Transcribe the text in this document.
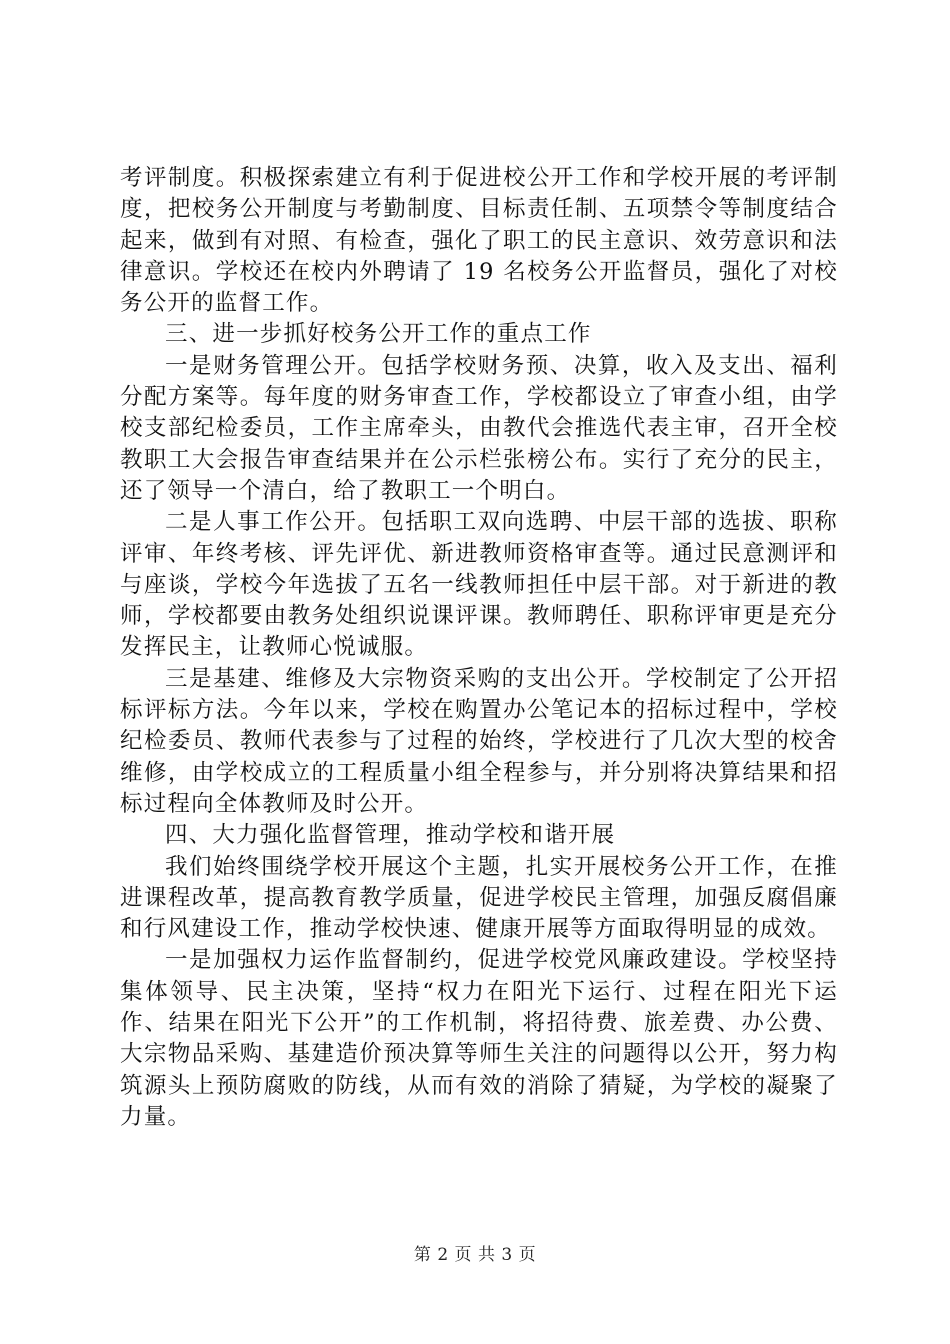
考评制度。积极探索建立有利于促进校公开工作和学校开展的考评制度，把校务公开制度与考勤制度、目标责任制、五项禁令等制度结合起来，做到有对照、有检查，强化了职工的民主意识、效劳意识和法律意识。学校还在校内外聘请了 19 名校务公开监督员，强化了对校务公开的监督工作。

三、进一步抓好校务公开工作的重点工作

一是财务管理公开。包括学校财务预、决算，收入及支出、福利分配方案等。每年度的财务审查工作，学校都设立了审查小组，由学校支部纪检委员，工作主席牵头，由教代会推选代表主审，召开全校教职工大会报告审查结果并在公示栏张榜公布。实行了充分的民主，还了领导一个清白，给了教职工一个明白。

二是人事工作公开。包括职工双向选聘、中层干部的选拔、职称评审、年终考核、评先评优、新进教师资格审查等。通过民意测评和与座谈，学校今年选拔了五名一线教师担任中层干部。对于新进的教师，学校都要由教务处组织说课评课。教师聘任、职称评审更是充分发挥民主，让教师心悦诚服。

三是基建、维修及大宗物资采购的支出公开。学校制定了公开招标评标方法。今年以来，学校在购置办公笔记本的招标过程中，学校纪检委员、教师代表参与了过程的始终，学校进行了几次大型的校舍维修，由学校成立的工程质量小组全程参与，并分别将决算结果和招标过程向全体教师及时公开。

四、大力强化监督管理，推动学校和谐开展

我们始终围绕学校开展这个主题，扎实开展校务公开工作，在推进课程改革，提高教育教学质量，促进学校民主管理，加强反腐倡廉和行风建设工作，推动学校快速、健康开展等方面取得明显的成效。

一是加强权力运作监督制约，促进学校党风廉政建设。学校坚持集体领导、民主决策，坚持“权力在阳光下运行、过程在阳光下运作、结果在阳光下公开”的工作机制，将招待费、旅差费、办公费、大宗物品采购、基建造价预决算等师生关注的问题得以公开，努力构筑源头上预防腐败的防线，从而有效的消除了猜疑，为学校的凝聚了力量。

第 2 页 共 3 页
